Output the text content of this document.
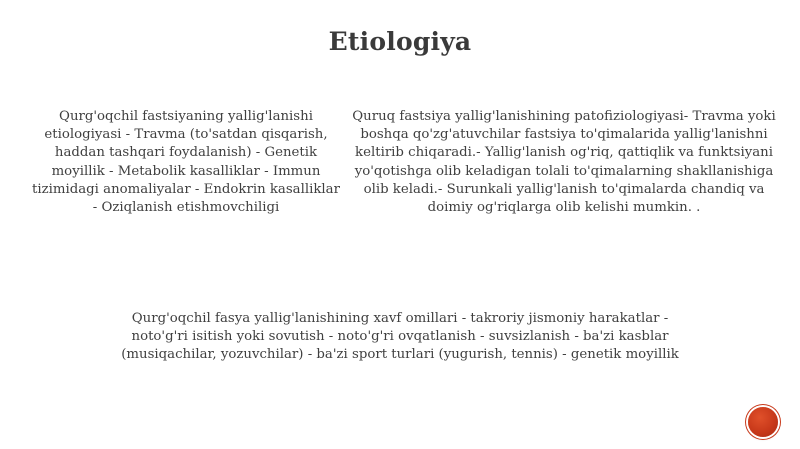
Etiologiya
Qurg'oqchil fastsiyaning yallig'lanishi etiologiyasi - Travma (to'satdan qisqarish, haddan tashqari foydalanish) - Genetik moyillik - Metabolik kasalliklar - Immun tizimidagi anomaliyalar - Endokrin kasalliklar - Oziqlanish etishmovchiligi
Quruq fastsiya yallig'lanishining patofiziologiyasi- Travma yoki boshqa qo'zg'atuvchilar fastsiya to'qimalarida yallig'lanishni keltirib chiqaradi.- Yallig'lanish og'riq, qattiqlik va funktsiyani yo'qotishga olib keladigan tolali to'qimalarning shakllanishiga olib keladi.- Surunkali yallig'lanish to'qimalarda chandiq va doimiy og'riqlarga olib kelishi mumkin. .
Qurg'oqchil fasya yallig'lanishining xavf omillari - takroriy jismoniy harakatlar - noto'g'ri isitish yoki sovutish - noto'g'ri ovqatlanish - suvsizlanish - ba'zi kasblar (musiqachilar, yozuvchilar) - ba'zi sport turlari (yugurish, tennis) - genetik moyillik
